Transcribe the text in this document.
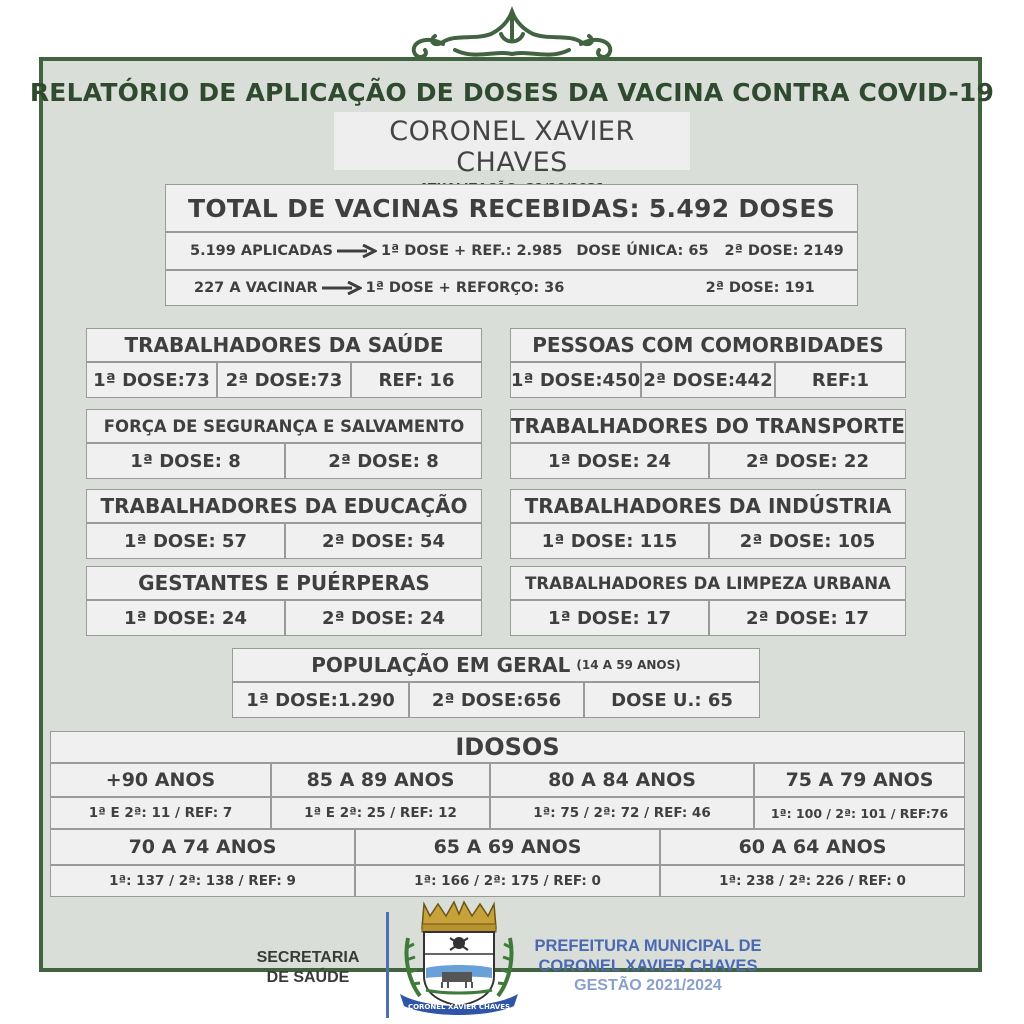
RELATÓRIO DE APLICAÇÃO DE DOSES DA VACINA CONTRA COVID-19
CORONEL XAVIER CHAVES
TOTAL DE VACINAS RECEBIDAS: 5.492 DOSES
5.199 APLICADAS	1ª DOSE + REF.: 2.985 DOSE ÚNICA: 65 2ª DOSE: 2149
227 A VACINAR	1ª DOSE + REFORÇO: 36	2ª DOSE: 191
TRABALHADORES DA SAÚDE
1ª DOSE:73 2ª DOSE:73	REF: 16
PESSOAS COM COMORBIDADES
1ª DOSE:450 2ª DOSE:442	REF:1
FORÇA DE SEGURANÇA E SALVAMENTO
1ª DOSE: 8	2ª DOSE: 8
TRABALHADORES DO TRANSPORTE
1ª DOSE: 24	2ª DOSE: 22
TRABALHADORES DA EDUCAÇÃO
1ª DOSE: 57	2ª DOSE: 54
TRABALHADORES DA INDÚSTRIA
1ª DOSE: 115	2ª DOSE: 105
GESTANTES E PUÉRPERAS
1ª DOSE: 24	2ª DOSE: 24
TRABALHADORES DA LIMPEZA URBANA
1ª DOSE: 17	2ª DOSE: 17
POPULAÇÃO EM GERAL (14 A 59 ANOS)
1ª DOSE:1.290	2ª DOSE:656	DOSE U.: 65
IDOSOS
+90 ANOS
1ª E 2ª: 11 / REF: 7
85 A 89 ANOS
1ª E 2ª: 25 / REF: 12
80 A 84 ANOS
1ª: 75 / 2ª: 72 / REF: 46
75 A 79 ANOS
1ª: 100 / 2ª: 101 / REF:76
70 A 74 ANOS
1ª: 137 / 2ª: 138 / REF: 9
65 A 69 ANOS
1ª: 166 / 2ª: 175 / REF: 0
60 A 64 ANOS
1ª: 238 / 2ª: 226 / REF: 0
SECRETARIA
DE SAÚDE
CORONEL XAVIER CHAVES
PREFEITURA MUNICIPAL DE
CORONEL XAVIER CHAVES
GESTÃO 2021/2024
